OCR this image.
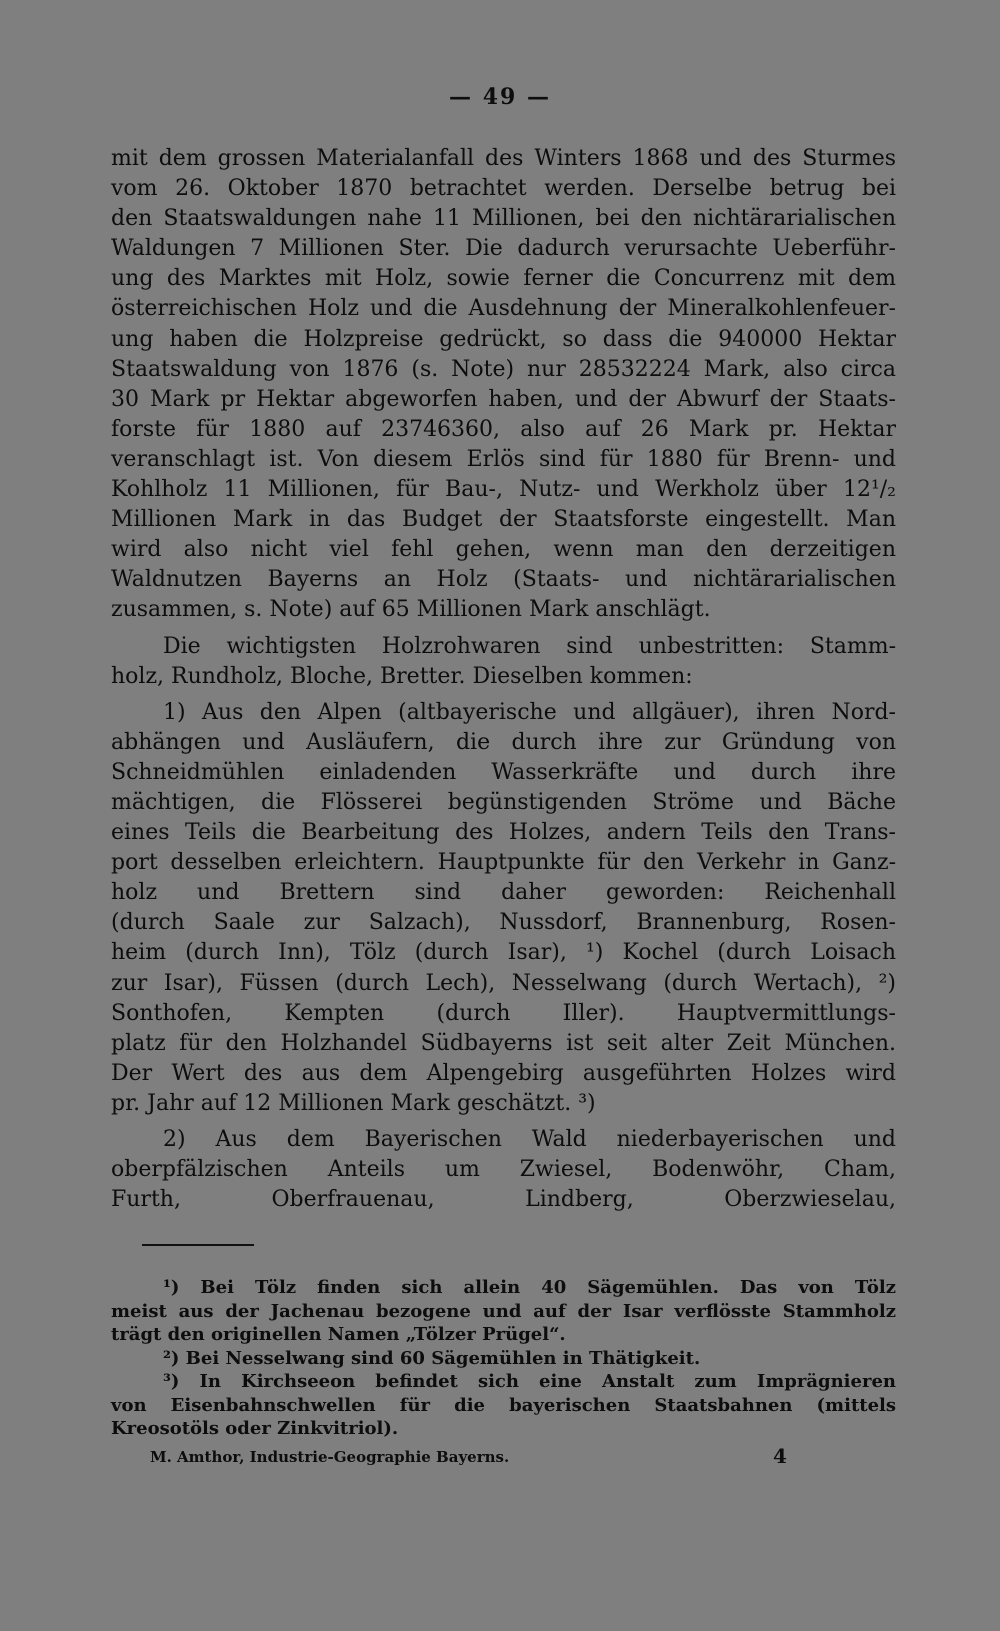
— 49 —
mit dem grossen Materialanfall des Winters 1868 und des Sturmes
vom 26. Oktober 1870 betrachtet werden. Derselbe betrug bei
den Staatswaldungen nahe 11 Millionen, bei den nichtärarialischen
Waldungen 7 Millionen Ster. Die dadurch verursachte Ueberführ-
ung des Marktes mit Holz, sowie ferner die Concurrenz mit dem
österreichischen Holz und die Ausdehnung der Mineralkohlenfeuer-
ung haben die Holzpreise gedrückt, so dass die 940000 Hektar
Staatswaldung von 1876 (s. Note) nur 28532224 Mark, also circa
30 Mark pr Hektar abgeworfen haben, und der Abwurf der Staats-
forste für 1880 auf 23746360, also auf 26 Mark pr. Hektar
veranschlagt ist. Von diesem Erlös sind für 1880 für Brenn- und
Kohlholz 11 Millionen, für Bau-, Nutz- und Werkholz über 12¹/₂
Millionen Mark in das Budget der Staatsforste eingestellt. Man
wird also nicht viel fehl gehen, wenn man den derzeitigen
Waldnutzen Bayerns an Holz (Staats- und nichtärarialischen
zusammen, s. Note) auf 65 Millionen Mark anschlägt.
Die wichtigsten Holzrohwaren sind unbestritten: Stamm-
holz, Rundholz, Bloche, Bretter. Dieselben kommen:
1) Aus den Alpen (altbayerische und allgäuer), ihren Nord-
abhängen und Ausläufern, die durch ihre zur Gründung von
Schneidmühlen einladenden Wasserkräfte und durch ihre
mächtigen, die Flösserei begünstigenden Ströme und Bäche
eines Teils die Bearbeitung des Holzes, andern Teils den Trans-
port desselben erleichtern. Hauptpunkte für den Verkehr in Ganz-
holz und Brettern sind daher geworden: Reichenhall
(durch Saale zur Salzach), Nussdorf, Brannenburg, Rosen-
heim (durch Inn), Tölz (durch Isar), ¹) Kochel (durch Loisach
zur Isar), Füssen (durch Lech), Nesselwang (durch Wertach), ²)
Sonthofen, Kempten (durch Iller). Hauptvermittlungs-
platz für den Holzhandel Südbayerns ist seit alter Zeit München.
Der Wert des aus dem Alpengebirg ausgeführten Holzes wird
pr. Jahr auf 12 Millionen Mark geschätzt. ³)
2) Aus dem Bayerischen Wald niederbayerischen und
oberpfälzischen Anteils um Zwiesel, Bodenwöhr, Cham,
Furth, Oberfrauenau, Lindberg, Oberzwieselau,
¹) Bei Tölz finden sich allein 40 Sägemühlen. Das von Tölz
meist aus der Jachenau bezogene und auf der Isar verflösste Stammholz
trägt den originellen Namen „Tölzer Prügel“.
²) Bei Nesselwang sind 60 Sägemühlen in Thätigkeit.
³) In Kirchseeon befindet sich eine Anstalt zum Imprägnieren
von Eisenbahnschwellen für die bayerischen Staatsbahnen (mittels
Kreosotöls oder Zinkvitriol).
M. Amthor, Industrie-Geographie Bayerns.	4
